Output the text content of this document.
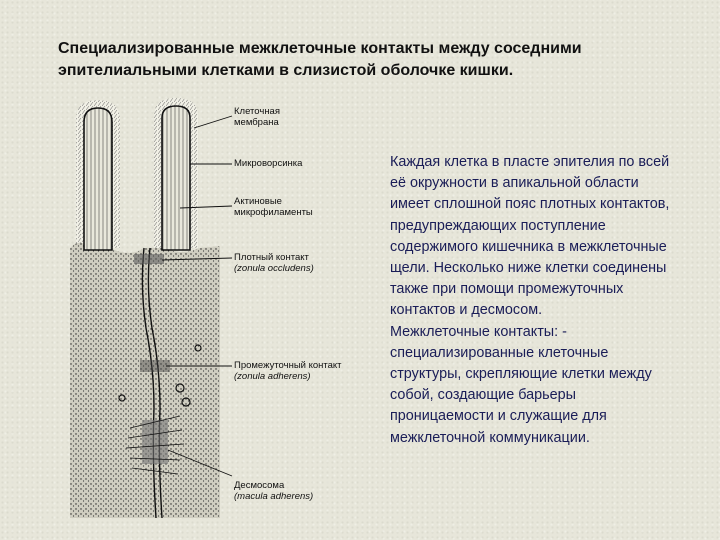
Специализированные межклеточные контакты между соседними эпителиальными клетками в слизистой оболочке кишки.
Клеточная
мембрана
Микроворсинка
Актиновые
микрофиламенты
Плотный контакт
(zonula occludens)
Промежуточный контакт
(zonula adherens)
Десмосома
(macula adherens)

Каждая клетка в пласте эпителия по всей её окружности в апикальной области имеет сплошной пояс плотных контактов, предупреждающих поступление содержимого кишечника в межклеточные щели. Несколько ниже клетки соединены также при помощи промежуточных контактов и десмосом.

Межклеточные контакты: - специализированные клеточные структуры, скрепляющие клетки между собой, создающие барьеры проницаемости и служащие для межклеточной коммуникации.
